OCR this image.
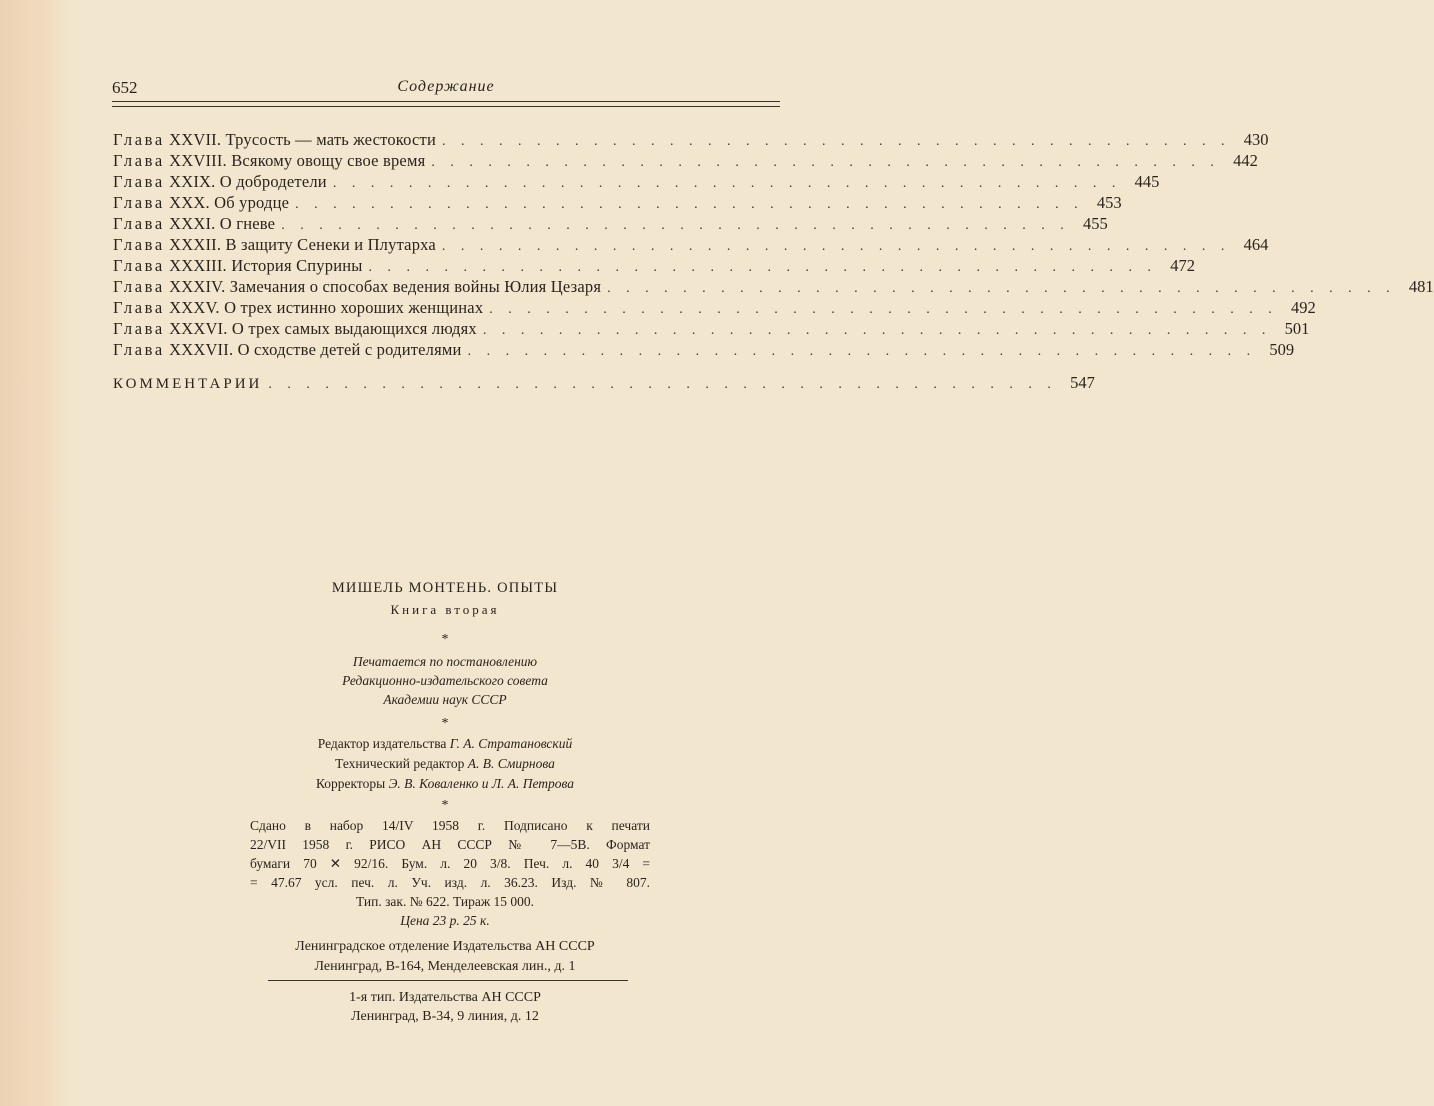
652	Содержание
Глава XXVII. Трусость — мать жестокости . . . . . . . . . . . . . . . . . . . . . . . . . . . . . . . . . . . . . . . . . . 430
Глава XXVIII. Всякому овощу свое время . . . . . . . . . . . . . . . . . . . . . . . . . . . . . . . . . . . . . . . . . . 442
Глава XXIX. О добродетели . . . . . . . . . . . . . . . . . . . . . . . . . . . . . . . . . . . . . . . . . . 445
Глава XXX. Об уродце . . . . . . . . . . . . . . . . . . . . . . . . . . . . . . . . . . . . . . . . . . 453
Глава XXXI. О гневе . . . . . . . . . . . . . . . . . . . . . . . . . . . . . . . . . . . . . . . . . . 455
Глава XXXII. В защиту Сенеки и Плутарха . . . . . . . . . . . . . . . . . . . . . . . . . . . . . . . . . . . . . . . . . . 464
Глава XXXIII. История Спурины . . . . . . . . . . . . . . . . . . . . . . . . . . . . . . . . . . . . . . . . . . 472
Глава XXXIV. Замечания о способах ведения войны Юлия Цезаря . . . . . . . . . . . . . . . . . . . . . . . . . . . . . . . . . . . . . . . . . . 481
Глава XXXV. О трех истинно хороших женщинах . . . . . . . . . . . . . . . . . . . . . . . . . . . . . . . . . . . . . . . . . . 492
Глава XXXVI. О трех самых выдающихся людях . . . . . . . . . . . . . . . . . . . . . . . . . . . . . . . . . . . . . . . . . . 501
Глава XXXVII. О сходстве детей с родителями . . . . . . . . . . . . . . . . . . . . . . . . . . . . . . . . . . . . . . . . . . 509
КОММЕНТАРИИ . . . . . . . . . . . . . . . . . . . . . . . . . . . . . . . . . . . . . . . . . . 547
МИШЕЛЬ МОНТЕНЬ. ОПЫТЫ
Книга вторая
*
Печатается по постановлению
Редакционно-издательского совета
Академии наук СССР
*
Редактор издательства Г. А. Стратановский
Технический редактор А. В. Смирнова
Корректоры Э. В. Коваленко и Л. А. Петрова
*
Сдано в набор 14/IV 1958 г. Подписано к печати
22/VII 1958 г. РИСО АН СССР № 7—5В. Формат
бумаги 70 ✕ 92/16. Бум. л. 20 3/8. Печ. л. 40 3/4 =
= 47.67 усл. печ. л. Уч. изд. л. 36.23. Изд. № 807.
Тип. зак. № 622. Тираж 15 000.
Цена 23 р. 25 к.
Ленинградское отделение Издательства АН СССР
Ленинград, В-164, Менделеевская лин., д. 1
1-я тип. Издательства АН СССР
Ленинград, В-34, 9 линия, д. 12
